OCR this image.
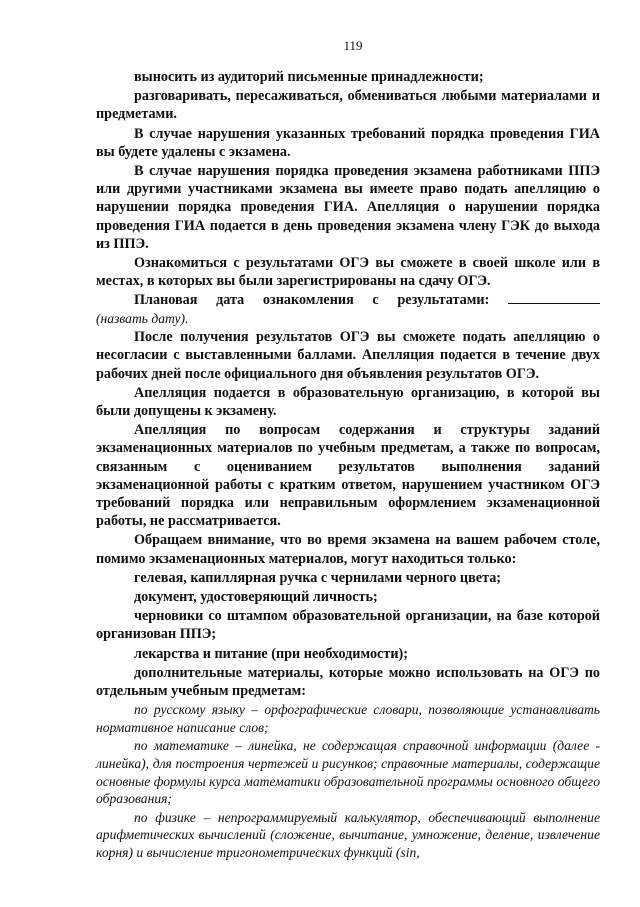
119

выносить из аудиторий письменные принадлежности;

разговаривать, пересаживаться, обмениваться любыми материалами и предметами.

В случае нарушения указанных требований порядка проведения ГИА вы будете удалены с экзамена.

В случае нарушения порядка проведения экзамена работниками ППЭ или другими участниками экзамена вы имеете право подать апелляцию о нарушении порядка проведения ГИА. Апелляция о нарушении порядка проведения ГИА подается в день проведения экзамена члену ГЭК до выхода из ППЭ.

Ознакомиться с результатами ОГЭ вы сможете в своей школе или в местах, в которых вы были зарегистрированы на сдачу ОГЭ.

Плановая дата ознакомления с результатами:

(назвать дату).

После получения результатов ОГЭ вы сможете подать апелляцию о несогласии с выставленными баллами. Апелляция подается в течение двух рабочих дней после официального дня объявления результатов ОГЭ.

Апелляция подается в образовательную организацию, в которой вы были допущены к экзамену.

Апелляция по вопросам содержания и структуры заданий экзаменационных материалов по учебным предметам, а также по вопросам, связанным с оцениванием результатов выполнения заданий экзаменационной работы с кратким ответом, нарушением участником ОГЭ требований порядка или неправильным оформлением экзаменационной работы, не рассматривается.

Обращаем внимание, что во время экзамена на вашем рабочем столе, помимо экзаменационных материалов, могут находиться только:

гелевая, капиллярная ручка с чернилами черного цвета;

документ, удостоверяющий личность;

черновики со штампом образовательной организации, на базе которой организован ППЭ;

лекарства и питание (при необходимости);

дополнительные материалы, которые можно использовать на ОГЭ по отдельным учебным предметам:

по русскому языку – орфографические словари, позволяющие устанавливать нормативное написание слов;

по математике – линейка, не содержащая справочной информации (далее - линейка), для построения чертежей и рисунков; справочные материалы, содержащие основные формулы курса математики образовательной программы основного общего образования;

по физике – непрограммируемый калькулятор, обеспечивающий выполнение арифметических вычислений (сложение, вычитание, умножение, деление, извлечение корня) и вычисление тригонометрических функций (sin,
